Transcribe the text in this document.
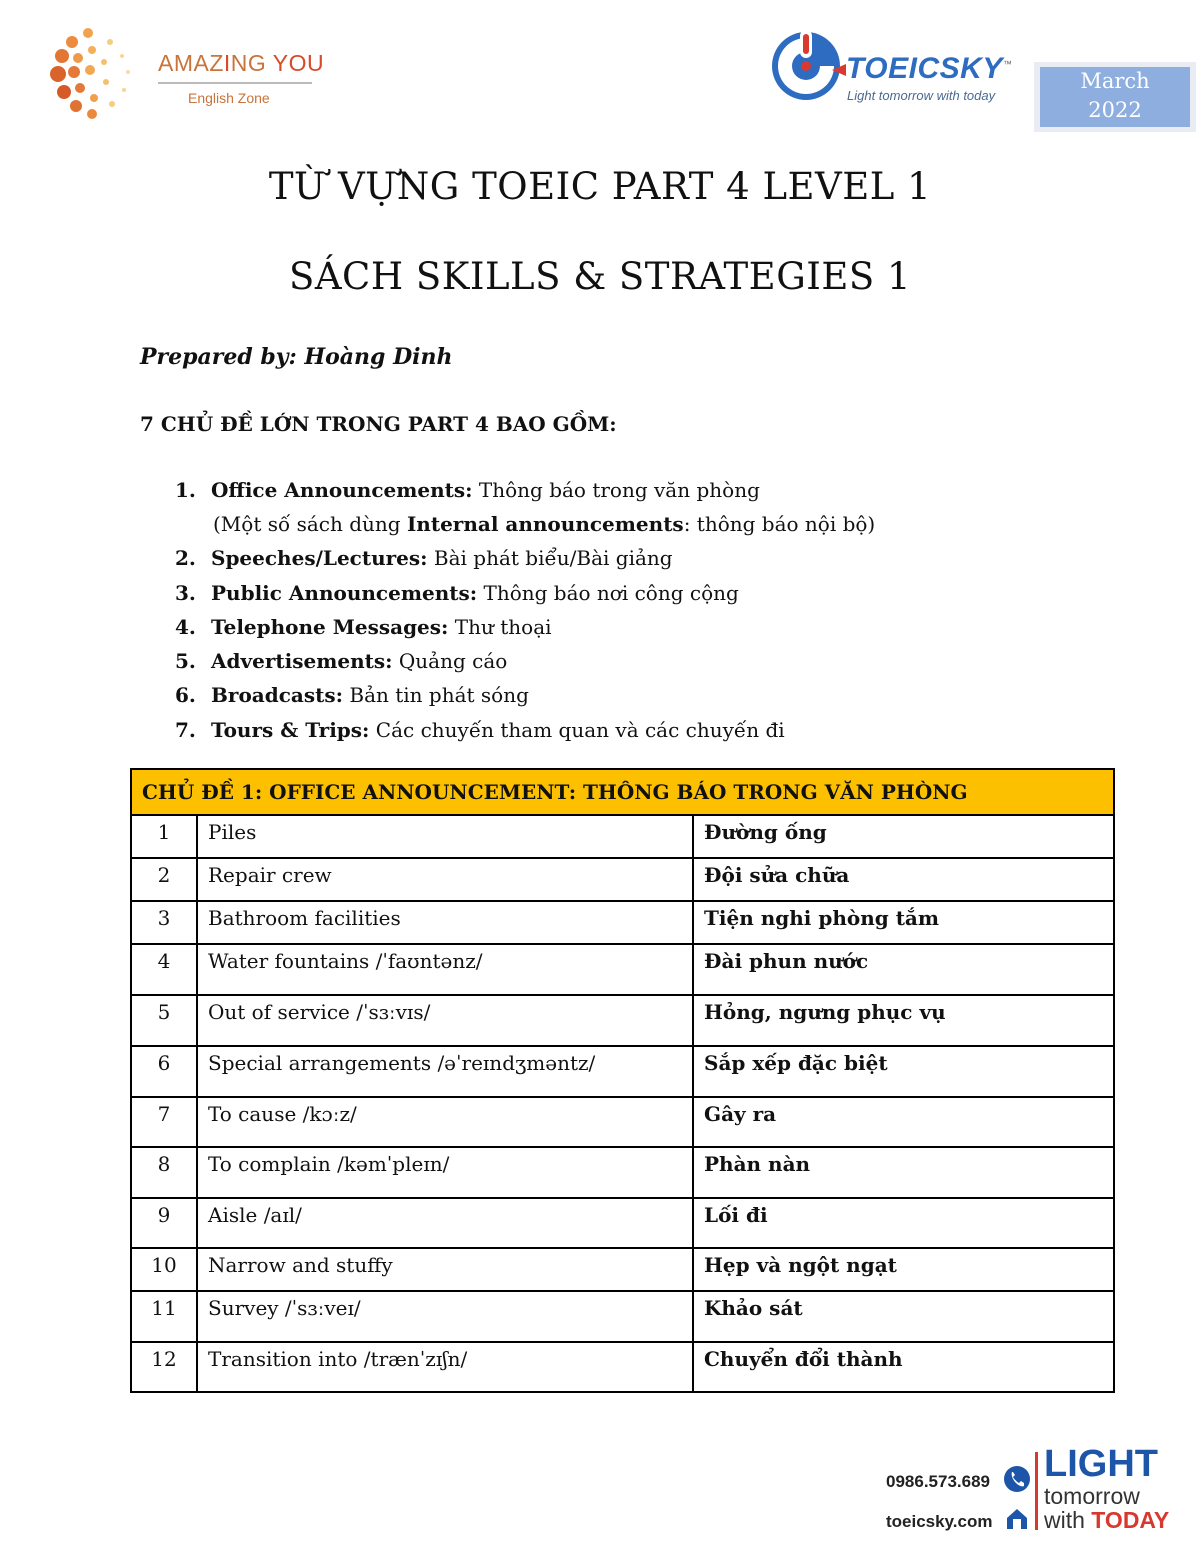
AMAZING YOU
English Zone
TOEICSKY™
Light tomorrow with today
March
2022
TỪ VỰNG TOEIC PART 4 LEVEL 1
SÁCH SKILLS & STRATEGIES 1
Prepared by: Hoàng Dinh
7 CHỦ ĐỀ LỚN TRONG PART 4 BAO GỒM:
1. Office Announcements: Thông báo trong văn phòng
(Một số sách dùng Internal announcements: thông báo nội bộ)
2. Speeches/Lectures: Bài phát biểu/Bài giảng
3. Public Announcements: Thông báo nơi công cộng
4. Telephone Messages: Thư thoại
5. Advertisements: Quảng cáo
6. Broadcasts: Bản tin phát sóng
7. Tours & Trips: Các chuyến tham quan và các chuyến đi
CHỦ ĐỀ 1: OFFICE ANNOUNCEMENT: THÔNG BÁO TRONG VĂN PHÒNG		
1	Piles	Đường ống
2	Repair crew	Đội sửa chữa
3	Bathroom facilities	Tiện nghi phòng tắm
4	Water fountains /ˈfaʊntənz/	Đài phun nước
5	Out of service /ˈsɜːvɪs/	Hỏng, ngưng phục vụ
6	Special arrangements /əˈreɪndʒməntz/	Sắp xếp đặc biệt
7	To cause /kɔːz/	Gây ra
8	To complain /kəmˈpleɪn/	Phàn nàn
9	Aisle /aɪl/	Lối đi
10	Narrow and stuffy	Hẹp và ngột ngạt
11	Survey /ˈsɜːveɪ/	Khảo sát
12	Transition into /trænˈzɪʃn/	Chuyển đổi thành
0986.573.689
toeicsky.com
LIGHT
tomorrow
with TODAY
